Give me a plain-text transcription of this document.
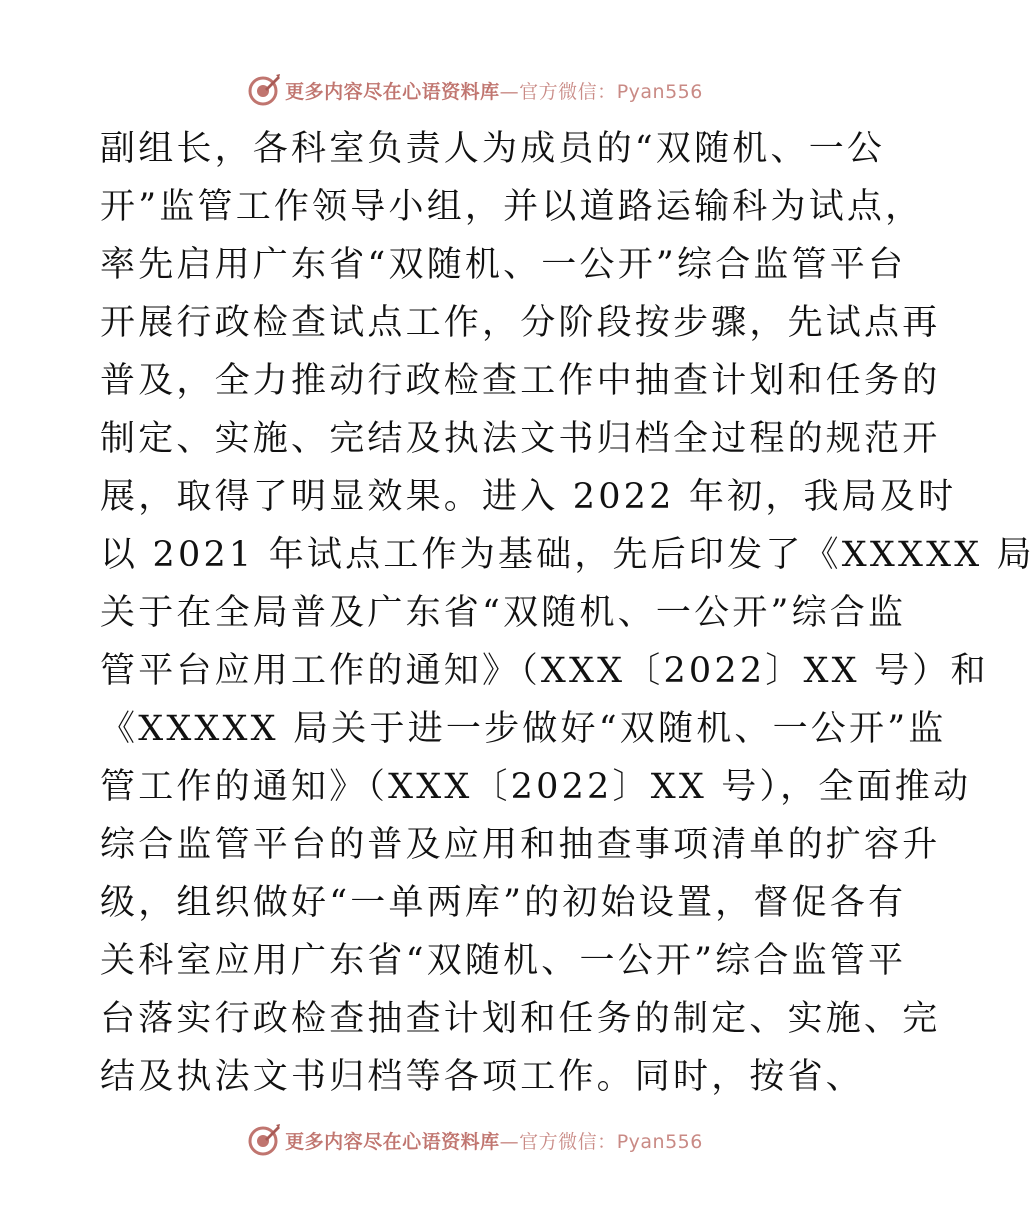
更多内容尽在心语资料库—官方微信：Pyan556
副组长，各科室负责人为成员的“双随机、一公
开”监管工作领导小组，并以道路运输科为试点，
率先启用广东省“双随机、一公开”综合监管平台
开展行政检查试点工作，分阶段按步骤，先试点再
普及，全力推动行政检查工作中抽查计划和任务的
制定、实施、完结及执法文书归档全过程的规范开
展，取得了明显效果。进入 2022 年初，我局及时
以 2021 年试点工作为基础，先后印发了《XXXXX 局
关于在全局普及广东省“双随机、一公开”综合监
管平台应用工作的通知》（XXX〔2022〕XX 号）和
《XXXXX 局关于进一步做好“双随机、一公开”监
管工作的通知》（XXX〔2022〕XX 号），全面推动
综合监管平台的普及应用和抽查事项清单的扩容升
级，组织做好“一单两库”的初始设置，督促各有
关科室应用广东省“双随机、一公开”综合监管平
台落实行政检查抽查计划和任务的制定、实施、完
结及执法文书归档等各项工作。同时，按省、
更多内容尽在心语资料库—官方微信：Pyan556
